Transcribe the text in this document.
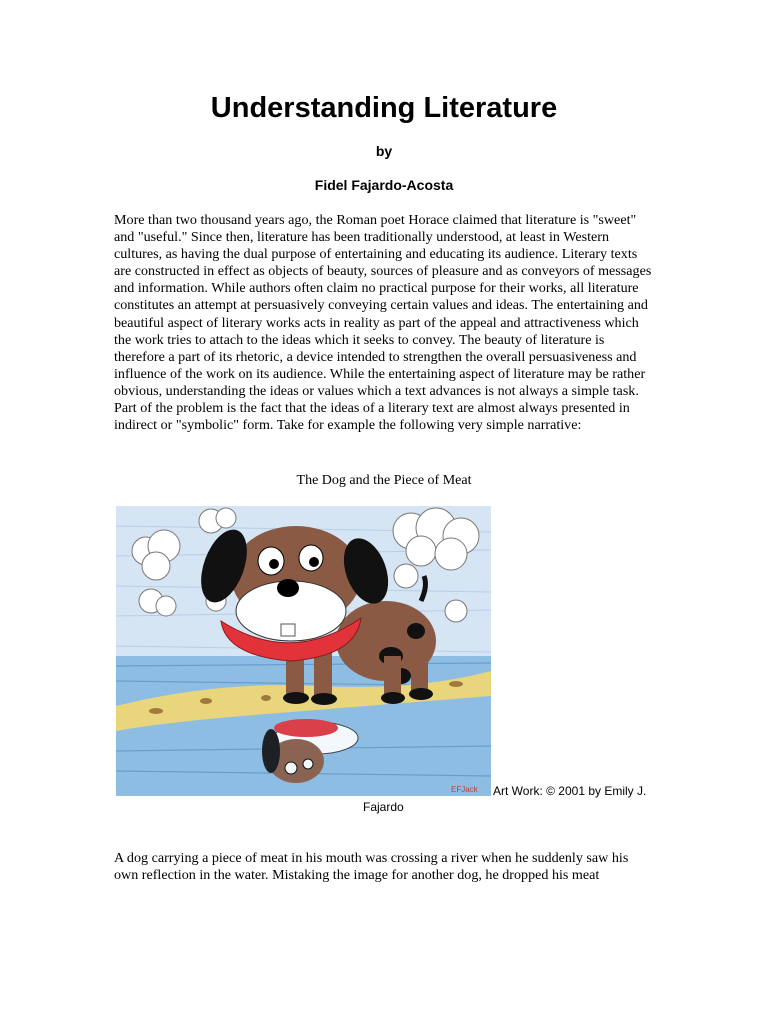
Understanding Literature
by
Fidel Fajardo-Acosta

More than two thousand years ago, the Roman poet Horace claimed that literature is "sweet" and "useful." Since then, literature has been traditionally understood, at least in Western cultures, as having the dual purpose of entertaining and educating its audience. Literary texts are constructed in effect as objects of beauty, sources of pleasure and as conveyors of messages and information. While authors often claim no practical purpose for their works, all literature constitutes an attempt at persuasively conveying certain values and ideas. The entertaining and beautiful aspect of literary works acts in reality as part of the appeal and attractiveness which the work tries to attach to the ideas which it seeks to convey. The beauty of literature is therefore a part of its rhetoric, a device intended to strengthen the overall persuasiveness and influence of the work on its audience. While the entertaining aspect of literature may be rather obvious, understanding the ideas or values which a text advances is not always a simple task. Part of the problem is the fact that the ideas of a literary text are almost always presented in indirect or "symbolic" form. Take for example the following very simple narrative:

The Dog and the Piece of Meat
EFJack Art Work: © 2001 by Emily J.
Fajardo

A dog carrying a piece of meat in his mouth was crossing a river when he suddenly saw his own reflection in the water. Mistaking the image for another dog, he dropped his meat
